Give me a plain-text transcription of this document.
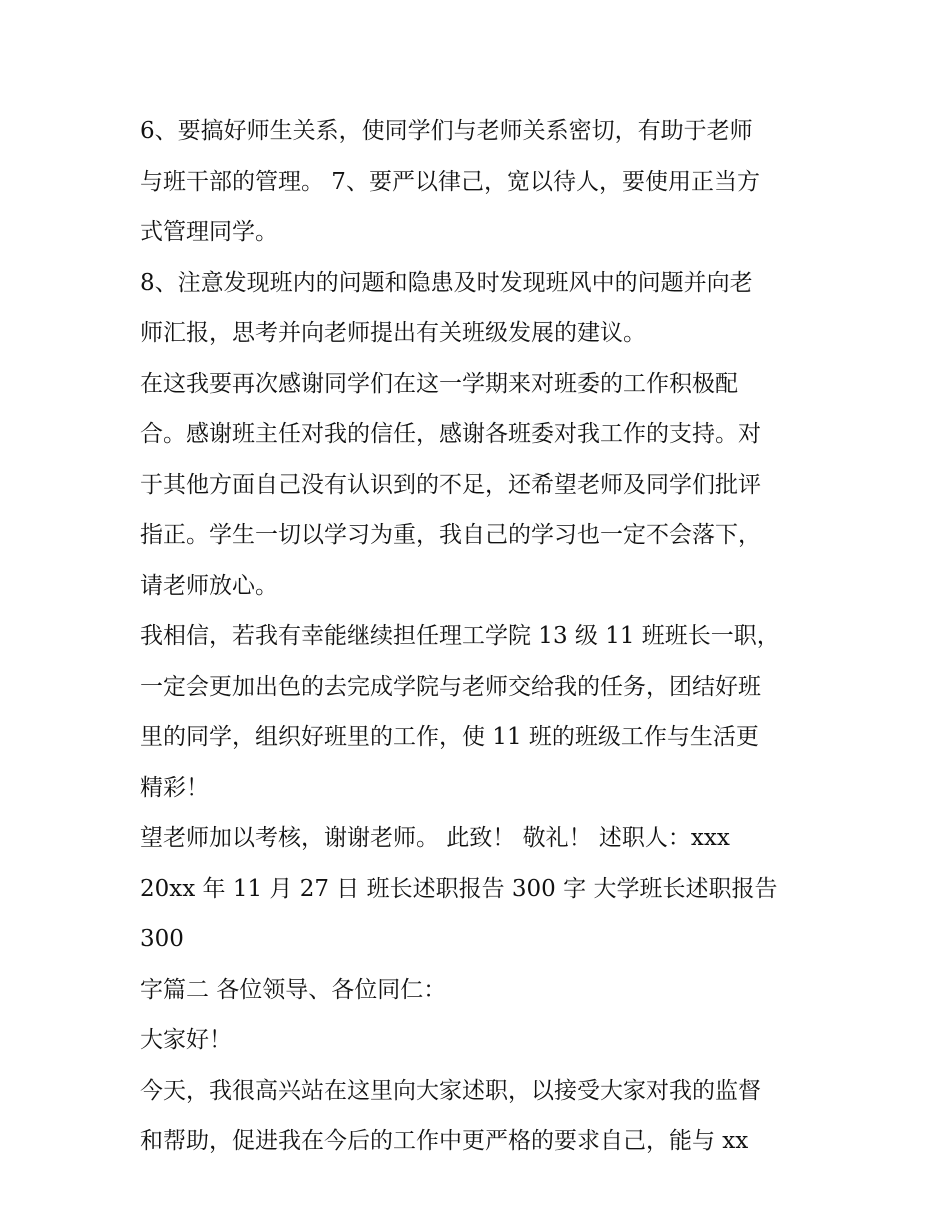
6、要搞好师生关系，使同学们与老师关系密切，有助于老师

与班干部的管理。 7、要严以律己，宽以待人，要使用正当方

式管理同学。

8、注意发现班内的问题和隐患及时发现班风中的问题并向老

师汇报，思考并向老师提出有关班级发展的建议。

在这我要再次感谢同学们在这一学期来对班委的工作积极配

合。感谢班主任对我的信任，感谢各班委对我工作的支持。对

于其他方面自己没有认识到的不足，还希望老师及同学们批评

指正。学生一切以学习为重，我自己的学习也一定不会落下，

请老师放心。

我相信，若我有幸能继续担任理工学院 13 级 11 班班长一职，

一定会更加出色的去完成学院与老师交给我的任务，团结好班

里的同学，组织好班里的工作，使 11 班的班级工作与生活更

精彩！

望老师加以考核，谢谢老师。 此致！ 敬礼！ 述职人：xxx

20xx 年 11 月 27 日 班长述职报告 300 字 大学班长述职报告 300

字篇二 各位领导、各位同仁：

大家好！

今天，我很高兴站在这里向大家述职，以接受大家对我的监督

和帮助，促进我在今后的工作中更严格的要求自己，能与 xx
